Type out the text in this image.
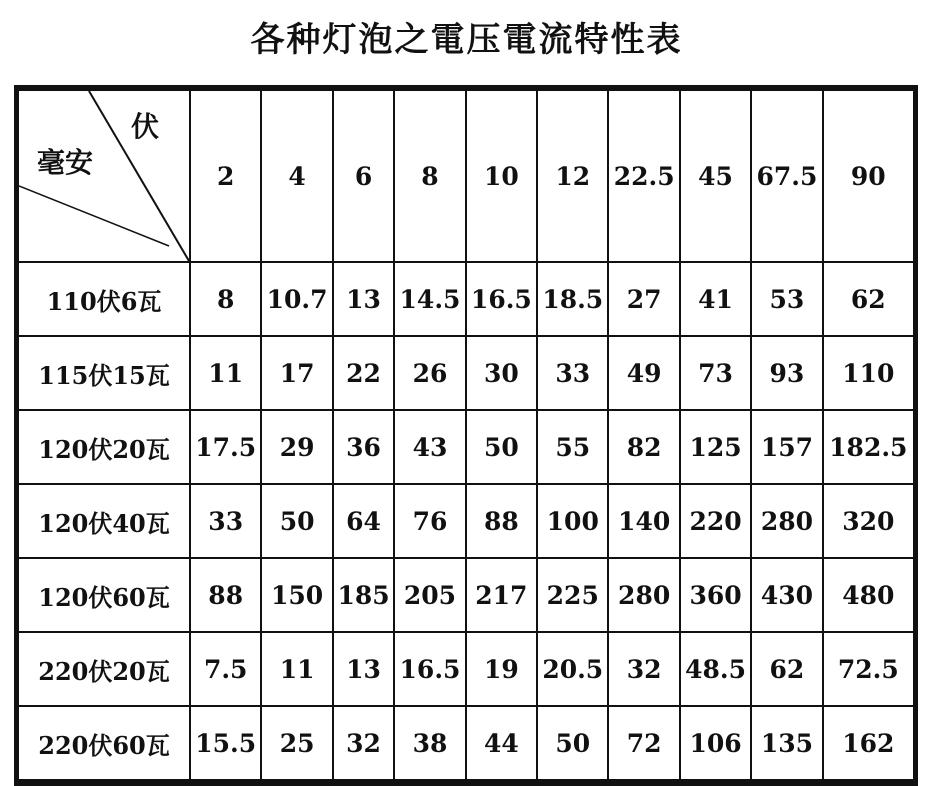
各种灯泡之電压電流特性表
伏
毫安	2	4	6	8	10	12	22.5	45	67.5	90
110伏6瓦	8	10.7	13	14.5	16.5	18.5	27	41	53	62
115伏15瓦	11	17	22	26	30	33	49	73	93	110
120伏20瓦	17.5	29	36	43	50	55	82	125	157	182.5
120伏40瓦	33	50	64	76	88	100	140	220	280	320
120伏60瓦	88	150	185	205	217	225	280	360	430	480
220伏20瓦	7.5	11	13	16.5	19	20.5	32	48.5	62	72.5
220伏60瓦	15.5	25	32	38	44	50	72	106	135	162
